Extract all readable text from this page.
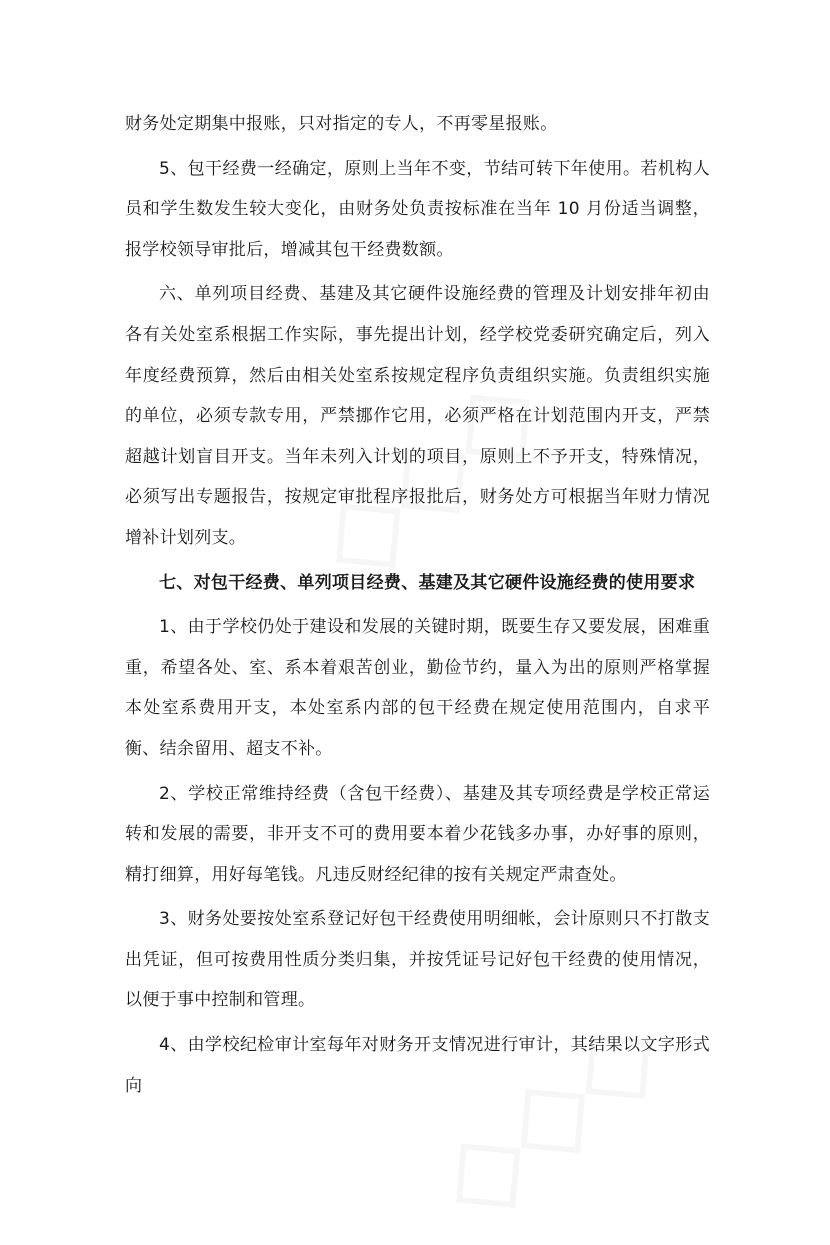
财务处定期集中报账，只对指定的专人，不再零星报账。

5、包干经费一经确定，原则上当年不变，节结可转下年使用。若机构人员和学生数发生较大变化，由财务处负责按标准在当年 10 月份适当调整，报学校领导审批后，增减其包干经费数额。

六、单列项目经费、基建及其它硬件设施经费的管理及计划安排年初由各有关处室系根据工作实际，事先提出计划，经学校党委研究确定后，列入年度经费预算，然后由相关处室系按规定程序负责组织实施。负责组织实施的单位，必须专款专用，严禁挪作它用，必须严格在计划范围内开支，严禁超越计划盲目开支。当年未列入计划的项目，原则上不予开支，特殊情况，必须写出专题报告，按规定审批程序报批后，财务处方可根据当年财力情况增补计划列支。

七、对包干经费、单列项目经费、基建及其它硬件设施经费的使用要求

1、由于学校仍处于建设和发展的关键时期，既要生存又要发展，困难重重，希望各处、室、系本着艰苦创业，勤俭节约，量入为出的原则严格掌握本处室系费用开支，本处室系内部的包干经费在规定使用范围内，自求平衡、结余留用、超支不补。

2、学校正常维持经费（含包干经费）、基建及其专项经费是学校正常运转和发展的需要，非开支不可的费用要本着少花钱多办事，办好事的原则，精打细算，用好每笔钱。凡违反财经纪律的按有关规定严肃查处。

3、财务处要按处室系登记好包干经费使用明细帐，会计原则只不打散支出凭证，但可按费用性质分类归集，并按凭证号记好包干经费的使用情况，以便于事中控制和管理。

4、由学校纪检审计室每年对财务开支情况进行审计，其结果以文字形式向
